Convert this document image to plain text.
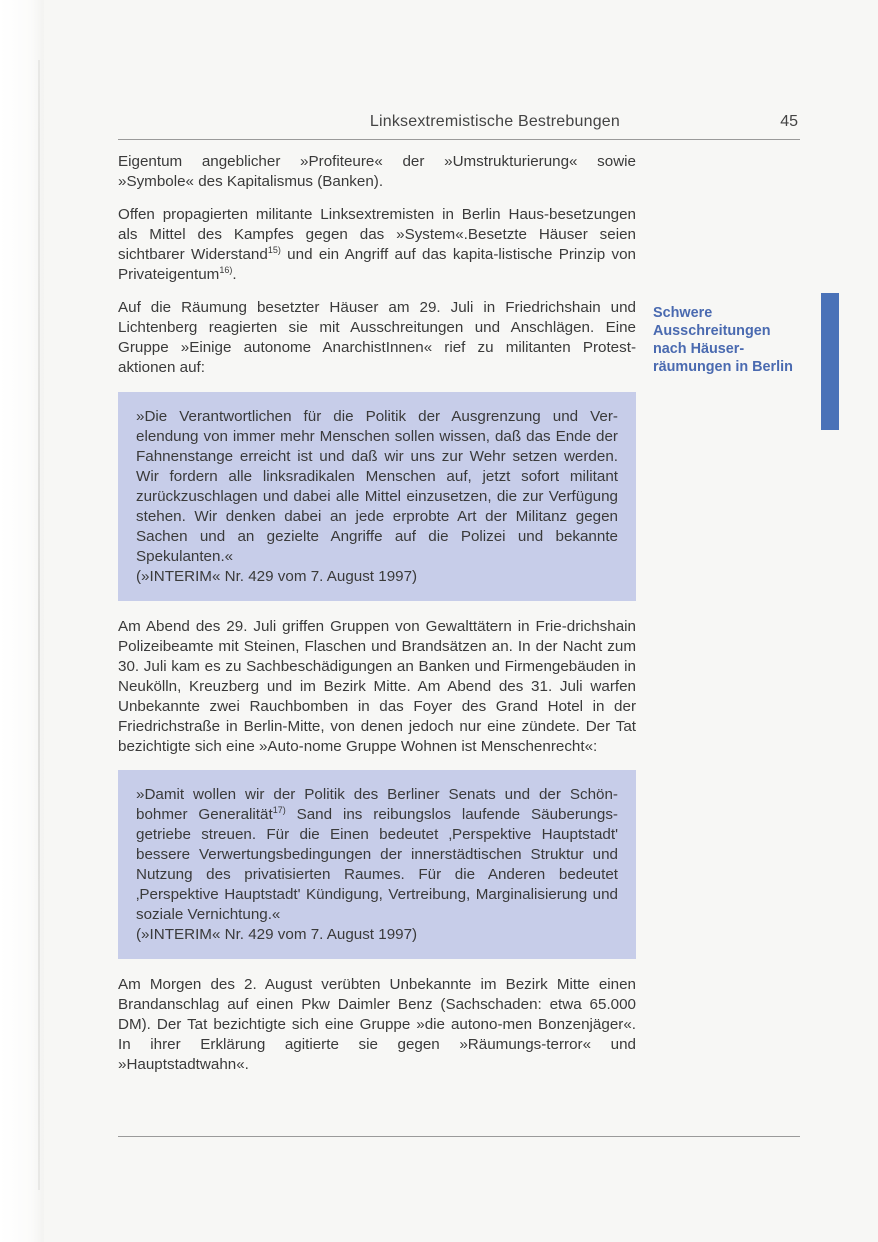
Linksextremistische Bestrebungen	45

Eigentum angeblicher »Profiteure« der »Umstrukturierung« sowie »Symbole« des Kapitalismus (Banken).

Offen propagierten militante Linksextremisten in Berlin Haus-besetzungen als Mittel des Kampfes gegen das »System«.Besetzte Häuser seien sichtbarer Widerstand$^{15)}$ und ein Angriff auf das kapita-listische Prinzip von Privateigentum$^{16)}$.

Auf die Räumung besetzter Häuser am 29. Juli in Friedrichshain und Lichtenberg reagierten sie mit Ausschreitungen und Anschlägen. Eine Gruppe »Einige autonome AnarchistInnen« rief zu militanten Protest-aktionen auf:

»Die Verantwortlichen für die Politik der Ausgrenzung und Ver-elendung von immer mehr Menschen sollen wissen, daß das Ende der Fahnenstange erreicht ist und daß wir uns zur Wehr setzen werden. Wir fordern alle linksradikalen Menschen auf, jetzt sofort militant zurückzuschlagen und dabei alle Mittel einzusetzen, die zur Verfügung stehen. Wir denken dabei an jede erprobte Art der Militanz gegen Sachen und an gezielte Angriffe auf die Polizei und bekannte Spekulanten.«

(»INTERIM« Nr. 429 vom 7. August 1997)

Am Abend des 29. Juli griffen Gruppen von Gewalttätern in Frie-drichshain Polizeibeamte mit Steinen, Flaschen und Brandsätzen an. In der Nacht zum 30. Juli kam es zu Sachbeschädigungen an Banken und Firmengebäuden in Neukölln, Kreuzberg und im Bezirk Mitte. Am Abend des 31. Juli warfen Unbekannte zwei Rauchbomben in das Foyer des Grand Hotel in der Friedrichstraße in Berlin-Mitte, von denen jedoch nur eine zündete. Der Tat bezichtigte sich eine »Auto-nome Gruppe Wohnen ist Menschenrecht«:

»Damit wollen wir der Politik des Berliner Senats und der Schön-bohmer Generalität$^{17)}$ Sand ins reibungslos laufende Säuberungs-getriebe streuen. Für die Einen bedeutet ‚Perspektive Hauptstadt' bessere Verwertungsbedingungen der innerstädtischen Struktur und Nutzung des privatisierten Raumes. Für die Anderen bedeutet ‚Perspektive Hauptstadt' Kündigung, Vertreibung, Marginalisierung und soziale Vernichtung.«

(»INTERIM« Nr. 429 vom 7. August 1997)

Am Morgen des 2. August verübten Unbekannte im Bezirk Mitte einen Brandanschlag auf einen Pkw Daimler Benz (Sachschaden: etwa 65.000 DM). Der Tat bezichtigte sich eine Gruppe »die autono-men Bonzenjäger«. In ihrer Erklärung agitierte sie gegen »Räumungs-terror« und »Hauptstadtwahn«.

Schwere Ausschreitungen nach Häuser-räumungen in Berlin
